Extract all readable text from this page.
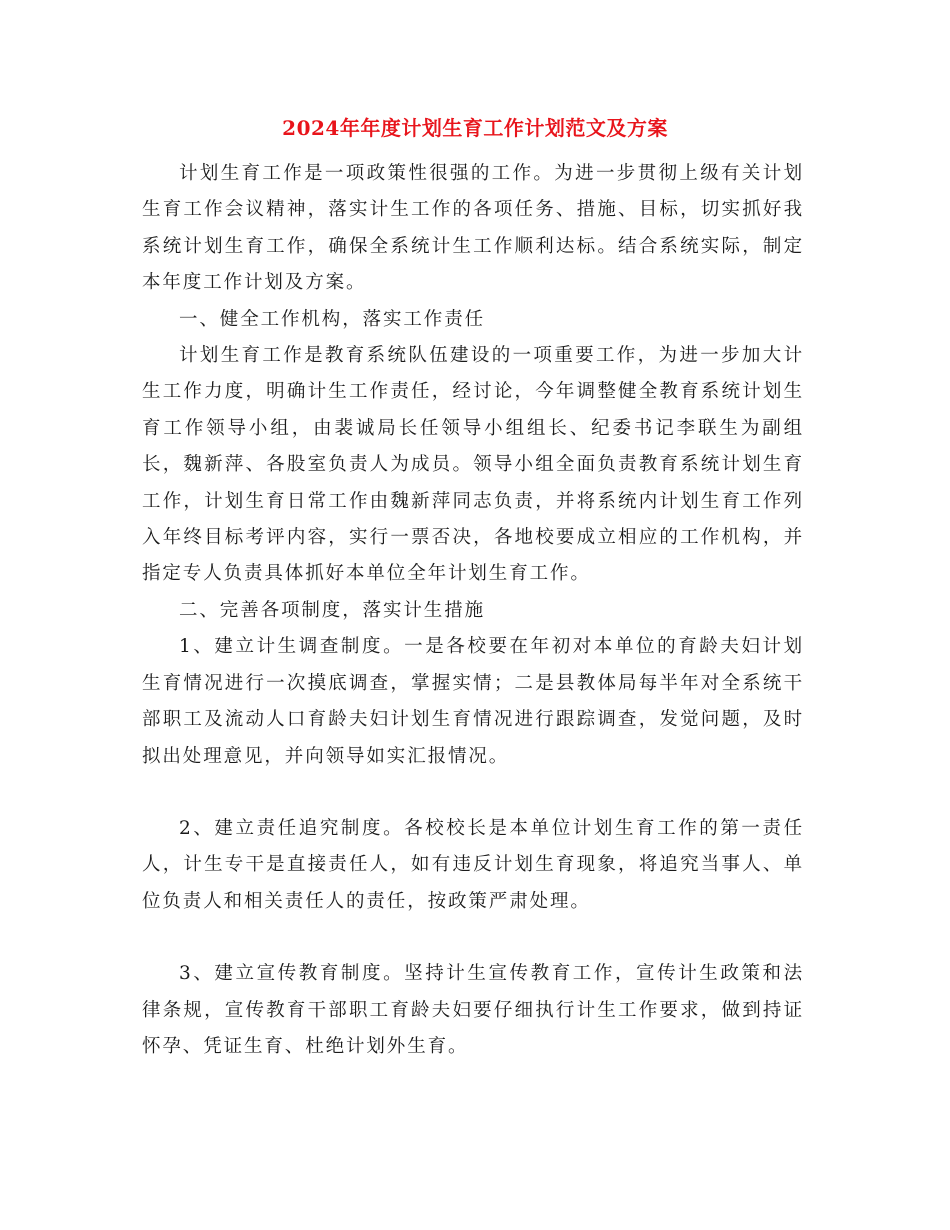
2024年年度计划生育工作计划范文及方案

计划生育工作是一项政策性很强的工作。为进一步贯彻上级有关计划生育工作会议精神，落实计生工作的各项任务、措施、目标，切实抓好我系统计划生育工作，确保全系统计生工作顺利达标。结合系统实际，制定本年度工作计划及方案。

一、健全工作机构，落实工作责任

计划生育工作是教育系统队伍建设的一项重要工作，为进一步加大计生工作力度，明确计生工作责任，经讨论，今年调整健全教育系统计划生育工作领导小组，由裴诚局长任领导小组组长、纪委书记李联生为副组长，魏新萍、各股室负责人为成员。领导小组全面负责教育系统计划生育工作，计划生育日常工作由魏新萍同志负责，并将系统内计划生育工作列入年终目标考评内容，实行一票否决，各地校要成立相应的工作机构，并指定专人负责具体抓好本单位全年计划生育工作。

二、完善各项制度，落实计生措施

1、建立计生调查制度。一是各校要在年初对本单位的育龄夫妇计划生育情况进行一次摸底调查，掌握实情；二是县教体局每半年对全系统干部职工及流动人口育龄夫妇计划生育情况进行跟踪调查，发觉问题，及时拟出处理意见，并向领导如实汇报情况。

2、建立责任追究制度。各校校长是本单位计划生育工作的第一责任人，计生专干是直接责任人，如有违反计划生育现象，将追究当事人、单位负责人和相关责任人的责任，按政策严肃处理。

3、建立宣传教育制度。坚持计生宣传教育工作，宣传计生政策和法律条规，宣传教育干部职工育龄夫妇要仔细执行计生工作要求，做到持证怀孕、凭证生育、杜绝计划外生育。
